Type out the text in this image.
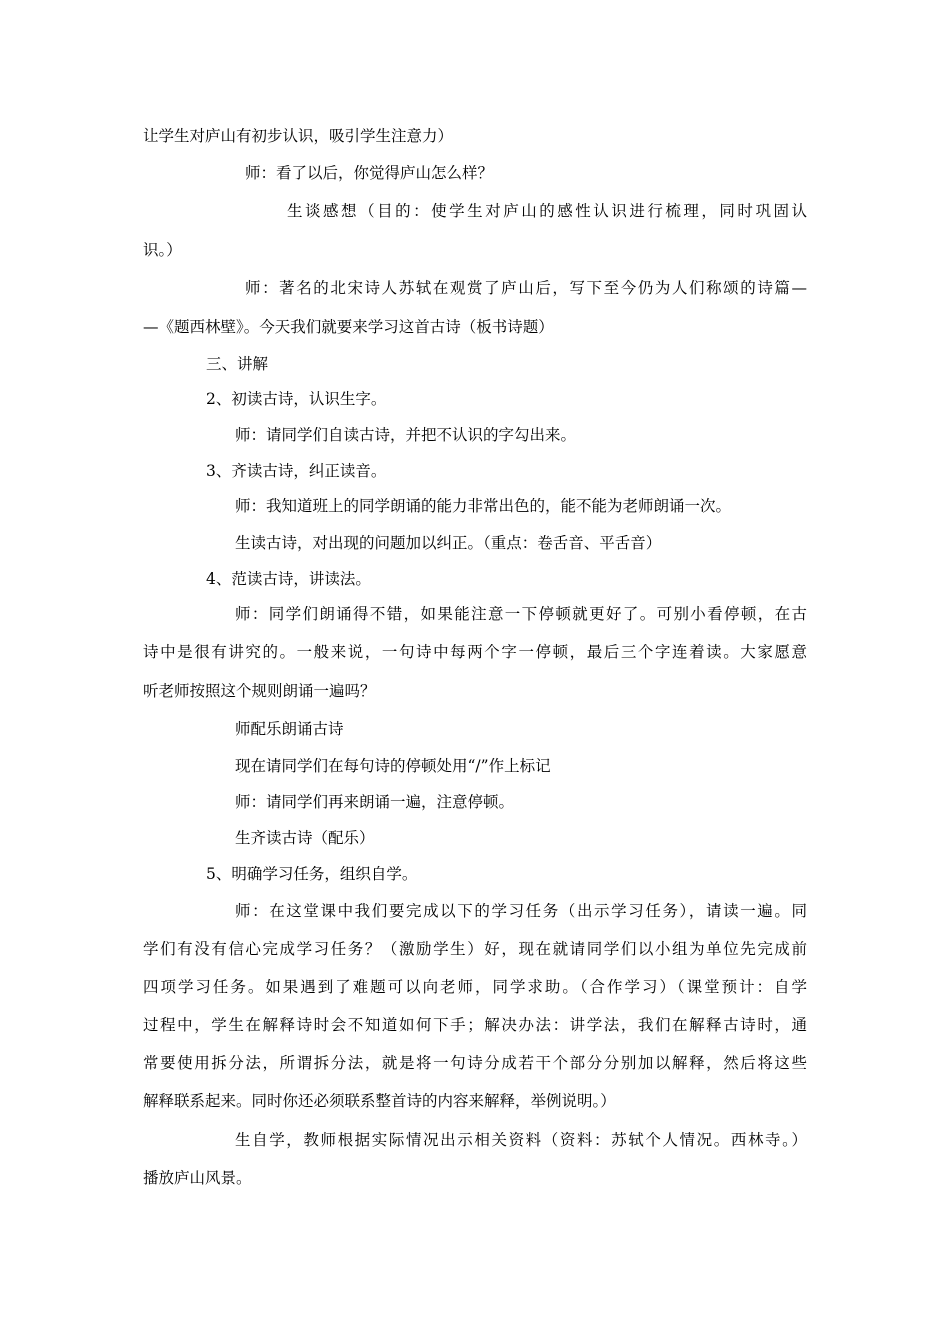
让学生对庐山有初步认识，吸引学生注意力）
师：看了以后，你觉得庐山怎么样？
生谈感想（目的：使学生对庐山的感性认识进行梳理，同时巩固认
识。）
师：著名的北宋诗人苏轼在观赏了庐山后，写下至今仍为人们称颂的诗篇—
—《题西林壁》。今天我们就要来学习这首古诗（板书诗题）
三、讲解
2、初读古诗，认识生字。
师：请同学们自读古诗，并把不认识的字勾出来。
3、齐读古诗，纠正读音。
师：我知道班上的同学朗诵的能力非常出色的，能不能为老师朗诵一次。
生读古诗，对出现的问题加以纠正。（重点：卷舌音、平舌音）
4、范读古诗，讲读法。
师：同学们朗诵得不错，如果能注意一下停顿就更好了。可别小看停顿，在古
诗中是很有讲究的。一般来说，一句诗中每两个字一停顿，最后三个字连着读。大家愿意
听老师按照这个规则朗诵一遍吗？
师配乐朗诵古诗
现在请同学们在每句诗的停顿处用“/”作上标记
师：请同学们再来朗诵一遍，注意停顿。
生齐读古诗（配乐）
5、明确学习任务，组织自学。
师：在这堂课中我们要完成以下的学习任务（出示学习任务），请读一遍。同
学们有没有信心完成学习任务？（激励学生）好，现在就请同学们以小组为单位先完成前
四项学习任务。如果遇到了难题可以向老师，同学求助。（合作学习）（课堂预计：自学
过程中，学生在解释诗时会不知道如何下手；解决办法：讲学法，我们在解释古诗时，通
常要使用拆分法，所谓拆分法，就是将一句诗分成若干个部分分别加以解释，然后将这些
解释联系起来。同时你还必须联系整首诗的内容来解释，举例说明。）
生自学，教师根据实际情况出示相关资料（资料：苏轼个人情况。西林寺。）
播放庐山风景。
